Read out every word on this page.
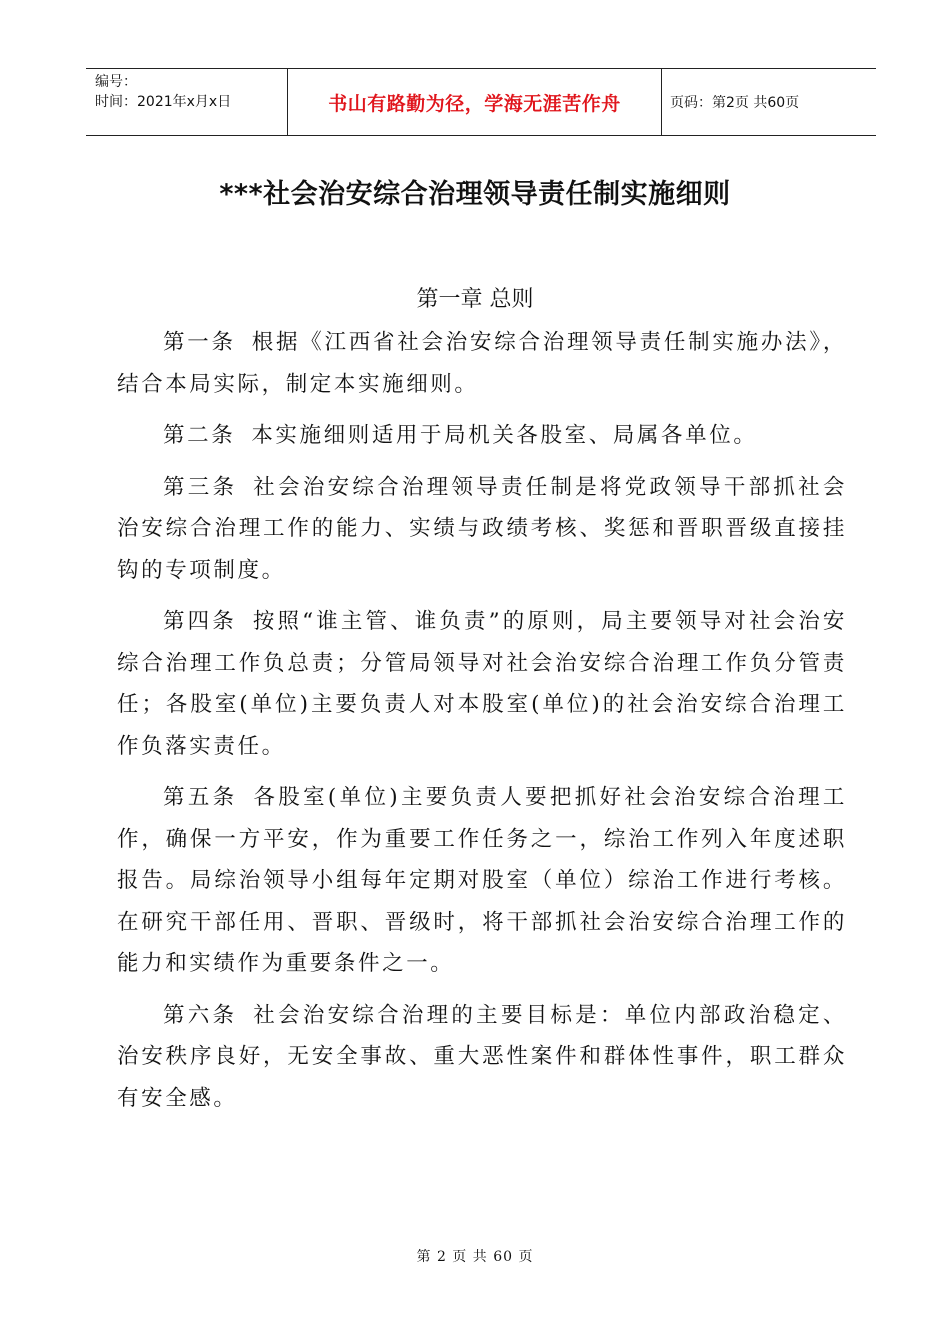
编号：
时间：2021年x月x日	书山有路勤为径，学海无涯苦作舟	页码：第2页 共60页
***社会治安综合治理领导责任制实施细则
第一章 总则

第一条 根据《江西省社会治安综合治理领导责任制实施办法》，结合本局实际，制定本实施细则。

第二条 本实施细则适用于局机关各股室、局属各单位。

第三条 社会治安综合治理领导责任制是将党政领导干部抓社会治安综合治理工作的能力、实绩与政绩考核、奖惩和晋职晋级直接挂钩的专项制度。

第四条 按照“谁主管、谁负责”的原则，局主要领导对社会治安综合治理工作负总责；分管局领导对社会治安综合治理工作负分管责任；各股室(单位)主要负责人对本股室(单位)的社会治安综合治理工作负落实责任。

第五条 各股室(单位)主要负责人要把抓好社会治安综合治理工作，确保一方平安，作为重要工作任务之一，综治工作列入年度述职报告。局综治领导小组每年定期对股室（单位）综治工作进行考核。在研究干部任用、晋职、晋级时，将干部抓社会治安综合治理工作的能力和实绩作为重要条件之一。

第六条 社会治安综合治理的主要目标是：单位内部政治稳定、治安秩序良好，无安全事故、重大恶性案件和群体性事件，职工群众有安全感。

第 2 页 共 60 页
